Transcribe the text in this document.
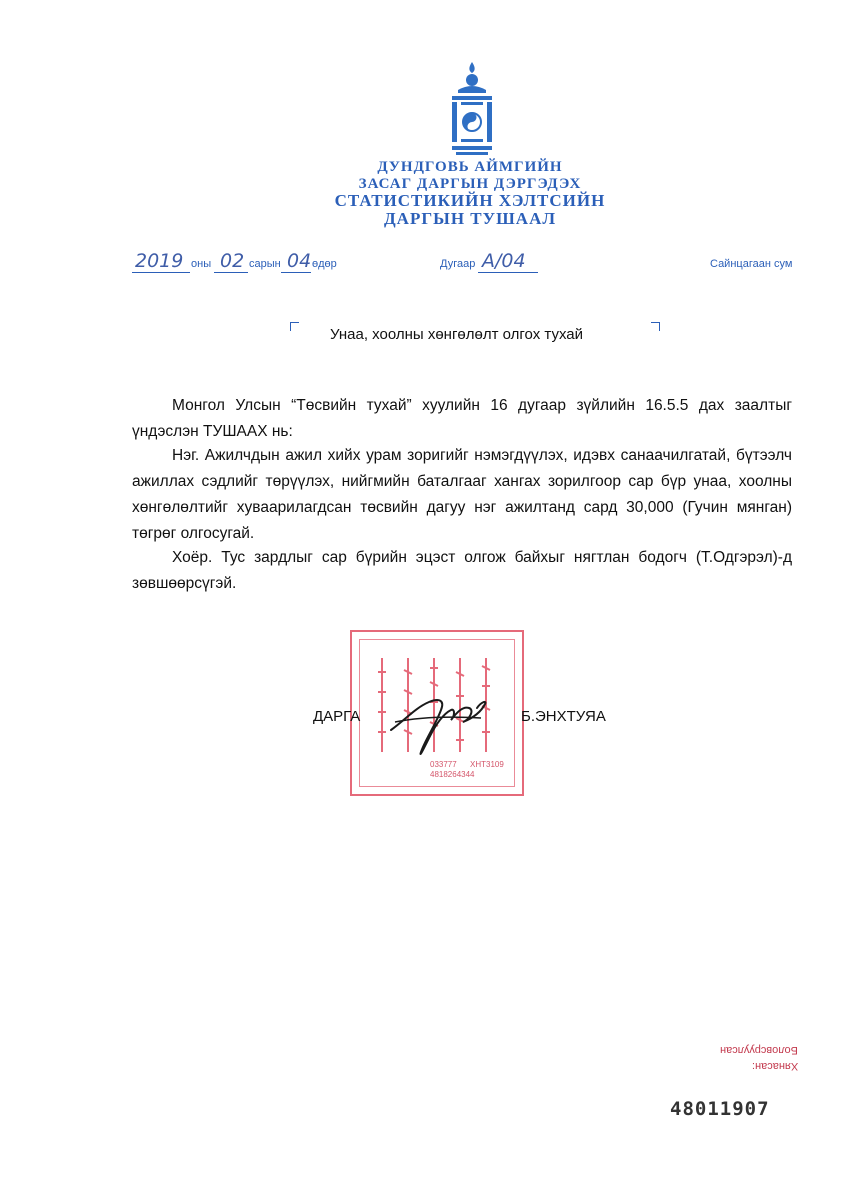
ДУНДГОВЬ АЙМГИЙН
ЗАСАГ ДАРГЫН ДЭРГЭДЭХ
СТАТИСТИКИЙН ХЭЛТСИЙН
ДАРГЫН ТУШААЛ
2019 оны 02 сарын 04 өдөр	Дугаар А/04	Сайнцагаан сум
Унаа, хоолны хөнгөлөлт олгох тухай
Монгол Улсын “Төсвийн тухай” хуулийн 16 дугаар зүйлийн 16.5.5 дах заалтыг үндэслэн ТУШААХ нь:
Нэг. Ажилчдын ажил хийх урам зоригийг нэмэгдүүлэх, идэвх санаачилгатай, бүтээлч ажиллах сэдлийг төрүүлэх, нийгмийн баталгааг хангах зорилгоор сар бүр унаа, хоолны хөнгөлөлтийг хуваарилагдсан төсвийн дагуу нэг ажилтанд сард 30,000 (Гучин мянган) төгрөг олгосугай.
Хоёр. Тус зардлыг сар бүрийн эцэст олгож байхыг нягтлан бодогч (Т.Одгэрэл)-д зөвшөөрсүгэй.
033777 ХНТ3109
4818264344
ДАРГА	Б.ЭНХТУЯА
Боловсруулсан
Хянасан:
48011907
